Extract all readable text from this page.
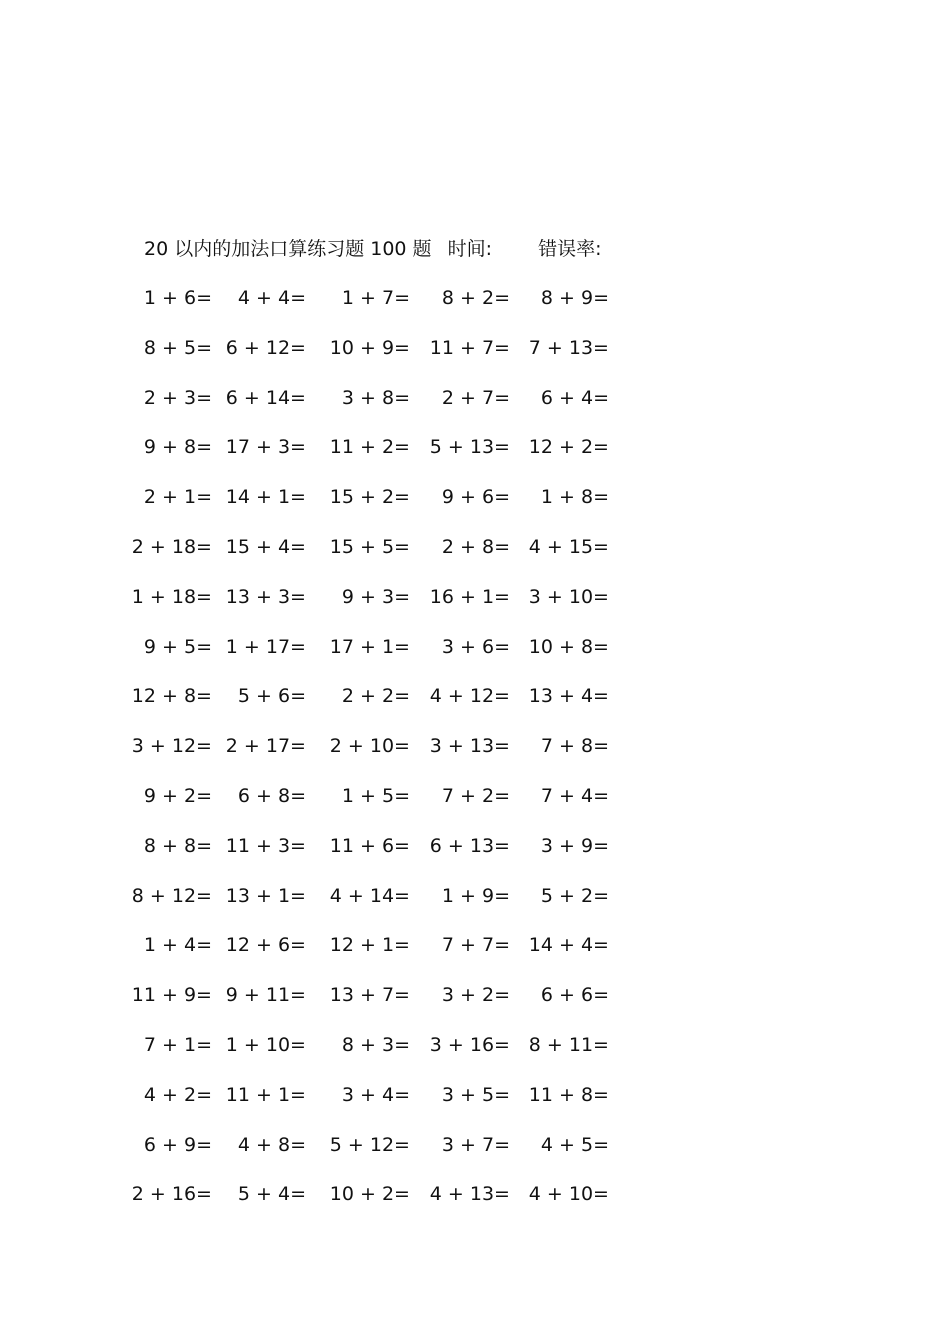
20 以内的加法口算练习题 100 题 时间: 错误率:
1 + 6= 4 + 4= 1 + 7= 8 + 2= 8 + 9=
8 + 5= 6 + 12= 10 + 9= 11 + 7= 7 + 13=
2 + 3= 6 + 14= 3 + 8= 2 + 7= 6 + 4=
9 + 8= 17 + 3= 11 + 2= 5 + 13= 12 + 2=
2 + 1= 14 + 1= 15 + 2= 9 + 6= 1 + 8=
2 + 18= 15 + 4= 15 + 5= 2 + 8= 4 + 15=
1 + 18= 13 + 3= 9 + 3= 16 + 1= 3 + 10=
9 + 5= 1 + 17= 17 + 1= 3 + 6= 10 + 8=
12 + 8= 5 + 6= 2 + 2= 4 + 12= 13 + 4=
3 + 12= 2 + 17= 2 + 10= 3 + 13= 7 + 8=
9 + 2= 6 + 8= 1 + 5= 7 + 2= 7 + 4=
8 + 8= 11 + 3= 11 + 6= 6 + 13= 3 + 9=
8 + 12= 13 + 1= 4 + 14= 1 + 9= 5 + 2=
1 + 4= 12 + 6= 12 + 1= 7 + 7= 14 + 4=
11 + 9= 9 + 11= 13 + 7= 3 + 2= 6 + 6=
7 + 1= 1 + 10= 8 + 3= 3 + 16= 8 + 11=
4 + 2= 11 + 1= 3 + 4= 3 + 5= 11 + 8=
6 + 9= 4 + 8= 5 + 12= 3 + 7= 4 + 5=
2 + 16= 5 + 4= 10 + 2= 4 + 13= 4 + 10=
